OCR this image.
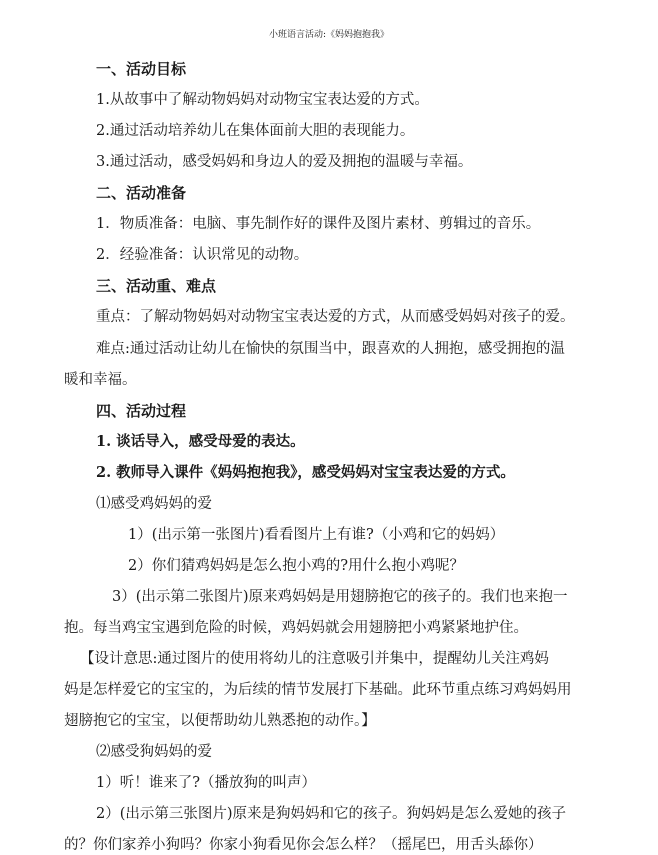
小班语言活动:《妈妈抱抱我》
一、活动目标
1.从故事中了解动物妈妈对动物宝宝表达爱的方式。
2.通过活动培养幼儿在集体面前大胆的表现能力。
3.通过活动，感受妈妈和身边人的爱及拥抱的温暖与幸福。
二、活动准备
1．物质准备：电脑、事先制作好的课件及图片素材、剪辑过的音乐。
2．经验准备：认识常见的动物。
三、活动重、难点
重点：了解动物妈妈对动物宝宝表达爱的方式，从而感受妈妈对孩子的爱。
难点:通过活动让幼儿在愉快的氛围当中，跟喜欢的人拥抱，感受拥抱的温
暖和幸福。
四、活动过程
1. 谈话导入，感受母爱的表达。
2. 教师导入课件《妈妈抱抱我》，感受妈妈对宝宝表达爱的方式。
⑴感受鸡妈妈的爱
1）(出示第一张图片)看看图片上有谁?（小鸡和它的妈妈）
2）你们猜鸡妈妈是怎么抱小鸡的?用什么抱小鸡呢？
3）(出示第二张图片)原来鸡妈妈是用翅膀抱它的孩子的。我们也来抱一
抱。每当鸡宝宝遇到危险的时候，鸡妈妈就会用翅膀把小鸡紧紧地护住。
【设计意思:通过图片的使用将幼儿的注意吸引并集中，提醒幼儿关注鸡妈
妈是怎样爱它的宝宝的，为后续的情节发展打下基础。此环节重点练习鸡妈妈用
翅膀抱它的宝宝，以便帮助幼儿熟悉抱的动作。】
⑵感受狗妈妈的爱
1）听！谁来了?（播放狗的叫声）
2）(出示第三张图片)原来是狗妈妈和它的孩子。狗妈妈是怎么爱她的孩子
的？你们家养小狗吗？你家小狗看见你会怎么样？（摇尾巴，用舌头舔你）
